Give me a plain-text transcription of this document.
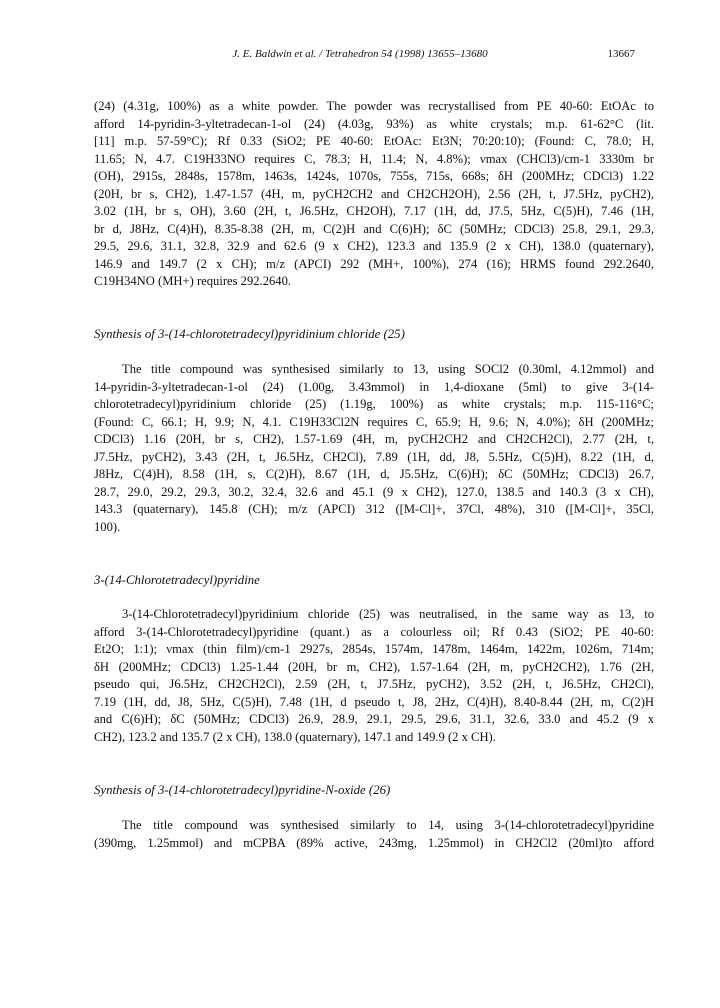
J. E. Baldwin et al. / Tetrahedron 54 (1998) 13655–13680	13667
(24) (4.31g, 100%) as a white powder. The powder was recrystallised from PE 40-60: EtOAc to
afford 14-pyridin-3-yltetradecan-1-ol (24) (4.03g, 93%) as white crystals; m.p. 61-62°C (lit.
[11] m.p. 57-59°C); Rf 0.33 (SiO2; PE 40-60: EtOAc: Et3N; 70:20:10); (Found: C, 78.0; H,
11.65; N, 4.7. C19H33NO requires C, 78.3; H, 11.4; N, 4.8%); νmax (CHCl3)/cm-1 3330m br
(OH), 2915s, 2848s, 1578m, 1463s, 1424s, 1070s, 755s, 715s, 668s; δH (200MHz; CDCl3) 1.22
(20H, br s, CH2), 1.47-1.57 (4H, m, pyCH2CH2 and CH2CH2OH), 2.56 (2H, t, J7.5Hz, pyCH2),
3.02 (1H, br s, OH), 3.60 (2H, t, J6.5Hz, CH2OH), 7.17 (1H, dd, J7.5, 5Hz, C(5)H), 7.46 (1H,
br d, J8Hz, C(4)H), 8.35-8.38 (2H, m, C(2)H and C(6)H); δC (50MHz; CDCl3) 25.8, 29.1, 29.3,
29.5, 29.6, 31.1, 32.8, 32.9 and 62.6 (9 x CH2), 123.3 and 135.9 (2 x CH), 138.0 (quaternary),
146.9 and 149.7 (2 x CH); m/z (APCI) 292 (MH+, 100%), 274 (16); HRMS found 292.2640,
C19H34NO (MH+) requires 292.2640.
Synthesis of 3-(14-chlorotetradecyl)pyridinium chloride (25)
The title compound was synthesised similarly to 13, using SOCl2 (0.30ml, 4.12mmol) and
14-pyridin-3-yltetradecan-1-ol (24) (1.00g, 3.43mmol) in 1,4-dioxane (5ml) to give 3-(14-
chlorotetradecyl)pyridinium chloride (25) (1.19g, 100%) as white crystals; m.p. 115-116°C;
(Found: C, 66.1; H, 9.9; N, 4.1. C19H33Cl2N requires C, 65.9; H, 9.6; N, 4.0%); δH (200MHz;
CDCl3) 1.16 (20H, br s, CH2), 1.57-1.69 (4H, m, pyCH2CH2 and CH2CH2Cl), 2.77 (2H, t,
J7.5Hz, pyCH2), 3.43 (2H, t, J6.5Hz, CH2Cl), 7.89 (1H, dd, J8, 5.5Hz, C(5)H), 8.22 (1H, d,
J8Hz, C(4)H), 8.58 (1H, s, C(2)H), 8.67 (1H, d, J5.5Hz, C(6)H); δC (50MHz; CDCl3) 26.7,
28.7, 29.0, 29.2, 29.3, 30.2, 32.4, 32.6 and 45.1 (9 x CH2), 127.0, 138.5 and 140.3 (3 x CH),
143.3 (quaternary), 145.8 (CH); m/z (APCI) 312 ([M-Cl]+, 37Cl, 48%), 310 ([M-Cl]+, 35Cl,
100).
3-(14-Chlorotetradecyl)pyridine
3-(14-Chlorotetradecyl)pyridinium chloride (25) was neutralised, in the same way as 13, to
afford 3-(14-Chlorotetradecyl)pyridine (quant.) as a colourless oil; Rf 0.43 (SiO2; PE 40-60:
Et2O; 1:1); νmax (thin film)/cm-1 2927s, 2854s, 1574m, 1478m, 1464m, 1422m, 1026m, 714m;
δH (200MHz; CDCl3) 1.25-1.44 (20H, br m, CH2), 1.57-1.64 (2H, m, pyCH2CH2), 1.76 (2H,
pseudo qui, J6.5Hz, CH2CH2Cl), 2.59 (2H, t, J7.5Hz, pyCH2), 3.52 (2H, t, J6.5Hz, CH2Cl),
7.19 (1H, dd, J8, 5Hz, C(5)H), 7.48 (1H, d pseudo t, J8, 2Hz, C(4)H), 8.40-8.44 (2H, m, C(2)H
and C(6)H); δC (50MHz; CDCl3) 26.9, 28.9, 29.1, 29.5, 29.6, 31.1, 32.6, 33.0 and 45.2 (9 x
CH2), 123.2 and 135.7 (2 x CH), 138.0 (quaternary), 147.1 and 149.9 (2 x CH).
Synthesis of 3-(14-chlorotetradecyl)pyridine-N-oxide (26)
The title compound was synthesised similarly to 14, using 3-(14-chlorotetradecyl)pyridine
(390mg, 1.25mmol) and mCPBA (89% active, 243mg, 1.25mmol) in CH2Cl2 (20ml)to afford
